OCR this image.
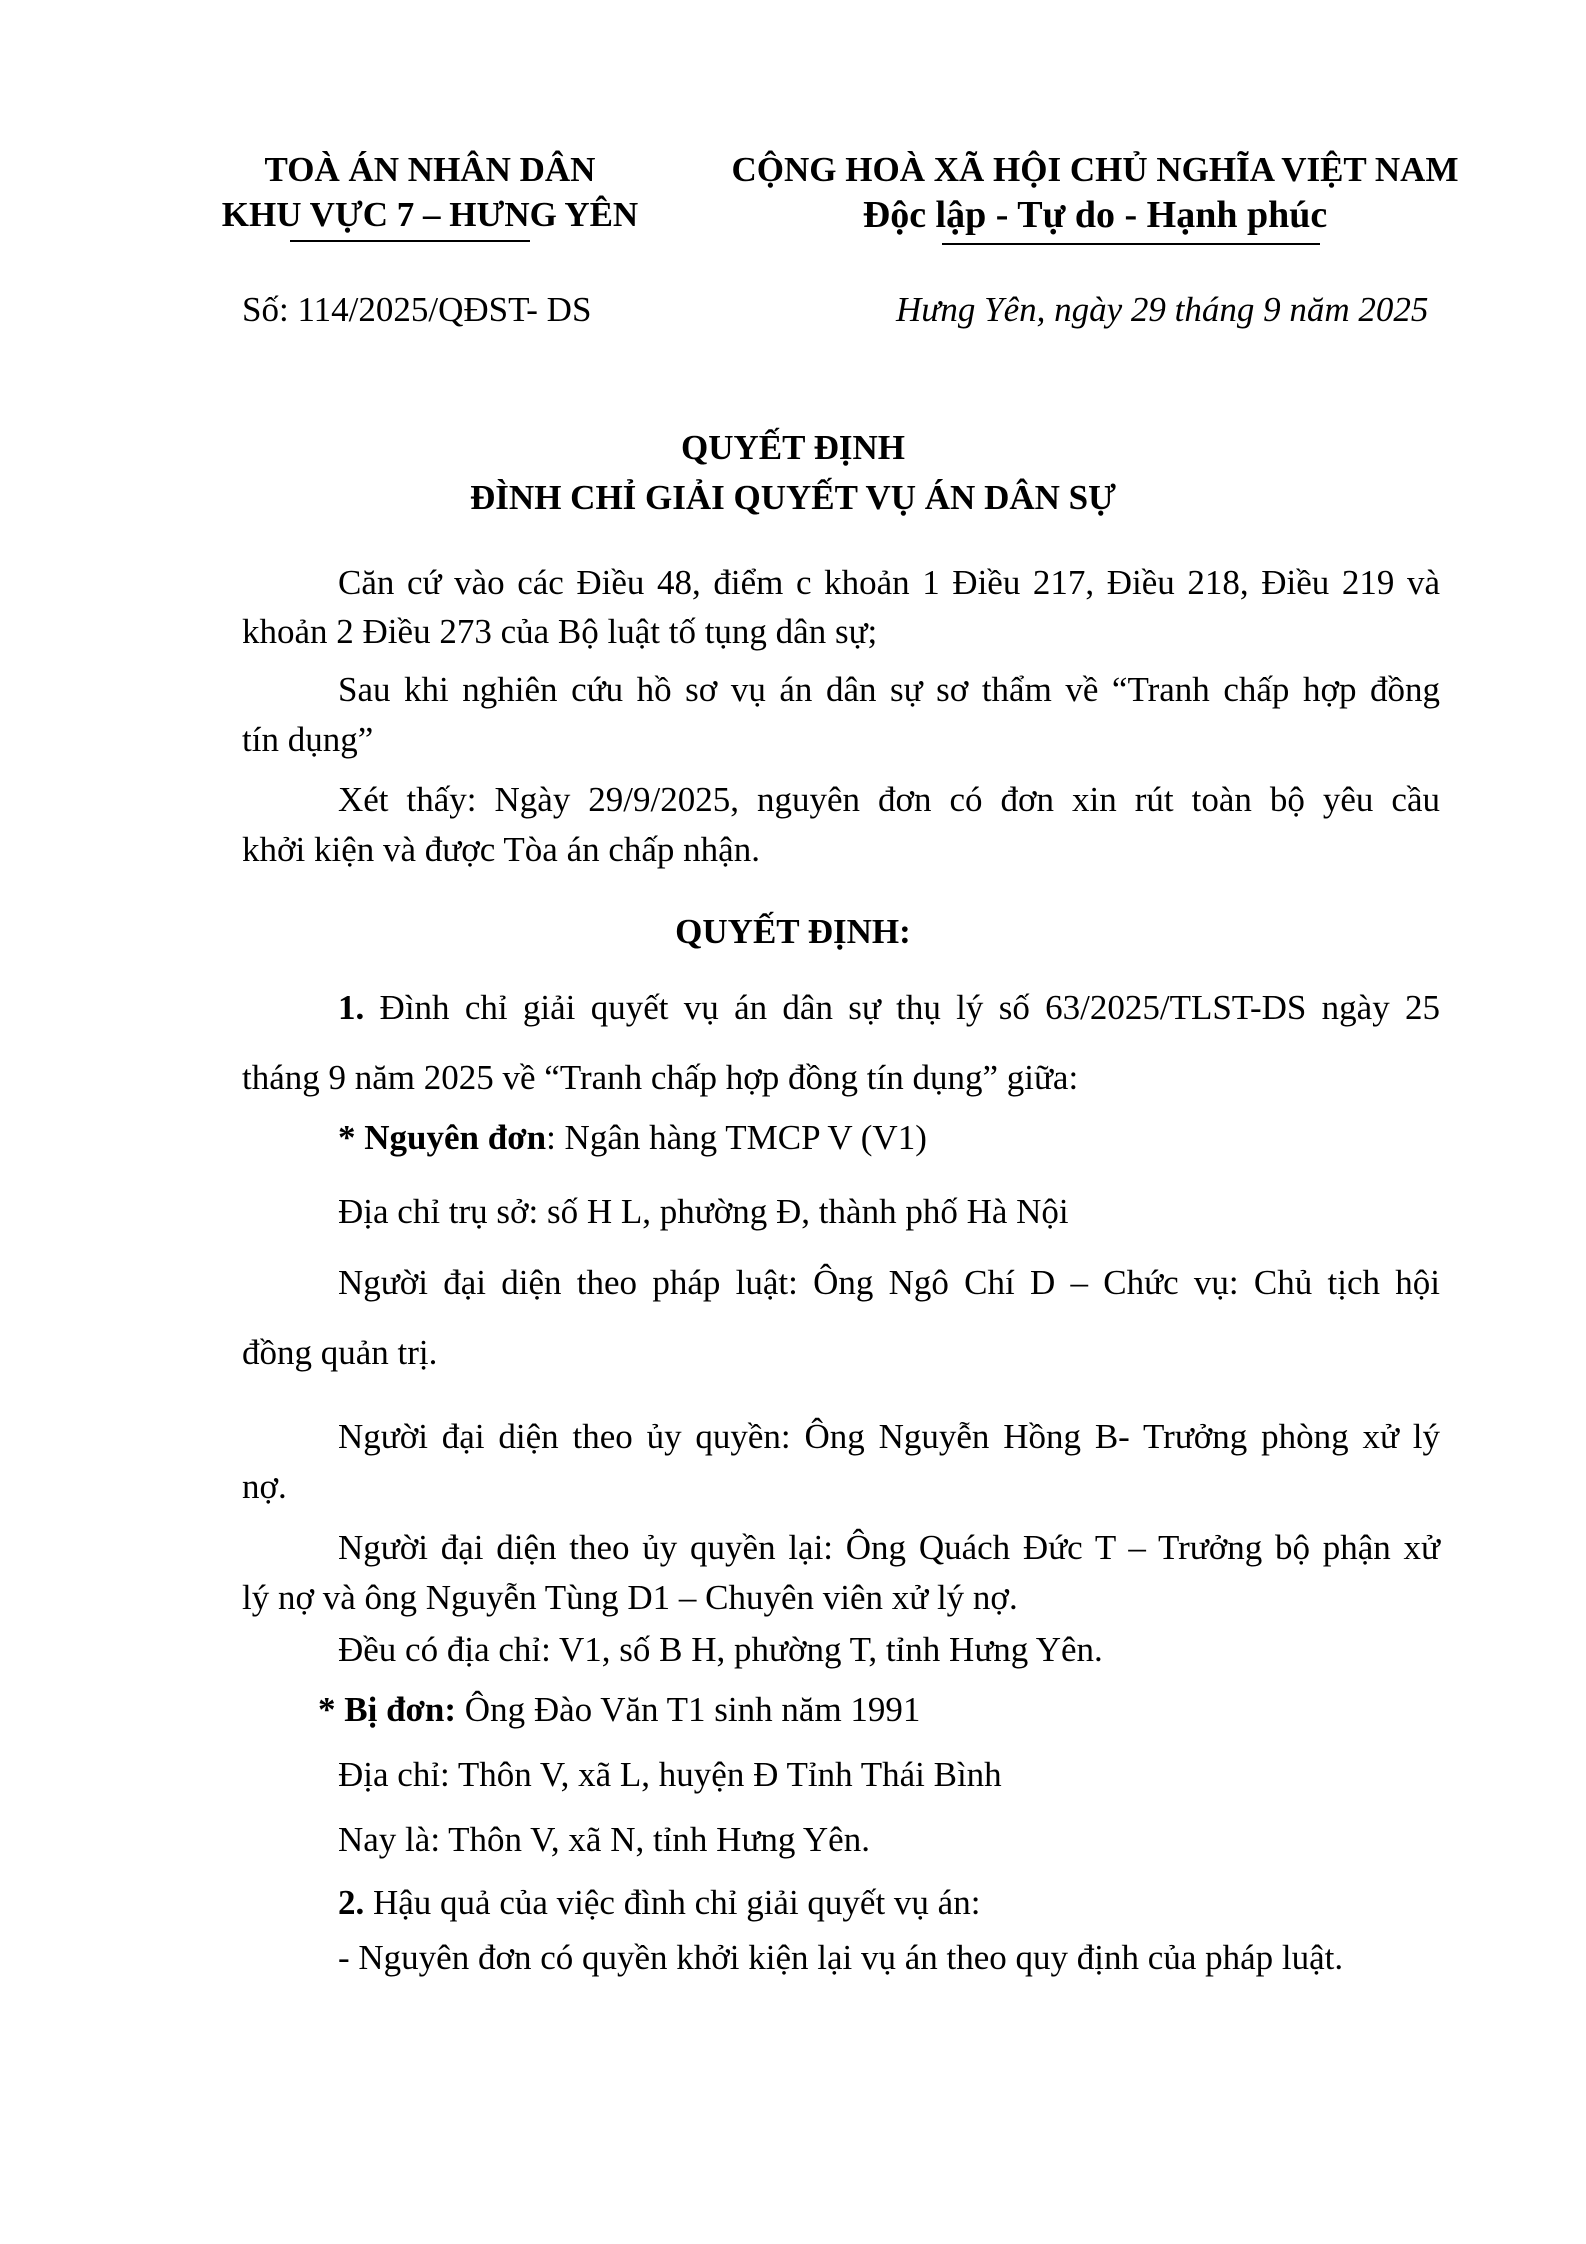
TOÀ ÁN NHÂN DÂN
KHU VỰC 7 – HƯNG YÊN
CỘNG HOÀ XÃ HỘI CHỦ NGHĨA VIỆT NAM
Độc lập - Tự do - Hạnh phúc
Số: 114/2025/QĐST- DS	Hưng Yên, ngày 29 tháng 9 năm 2025
QUYẾT ĐỊNH
ĐÌNH CHỈ GIẢI QUYẾT VỤ ÁN DÂN SỰ
Căn cứ vào các Điều 48, điểm c khoản 1 Điều 217, Điều 218, Điều 219 và
khoản 2 Điều 273 của Bộ luật tố tụng dân sự;
Sau khi nghiên cứu hồ sơ vụ án dân sự sơ thẩm về “Tranh chấp hợp đồng
tín dụng”
Xét thấy: Ngày 29/9/2025, nguyên đơn có đơn xin rút toàn bộ yêu cầu
khởi kiện và được Tòa án chấp nhận.
QUYẾT ĐỊNH:
1. Đình chỉ giải quyết vụ án dân sự thụ lý số 63/2025/TLST-DS ngày 25
tháng 9 năm 2025 về “Tranh chấp hợp đồng tín dụng” giữa:
* Nguyên đơn: Ngân hàng TMCP V (V1)
Địa chỉ trụ sở: số H L, phường Đ, thành phố Hà Nội
Người đại diện theo pháp luật: Ông Ngô Chí D – Chức vụ: Chủ tịch hội
đồng quản trị.
Người đại diện theo ủy quyền: Ông Nguyễn Hồng B- Trưởng phòng xử lý
nợ.
Người đại diện theo ủy quyền lại: Ông Quách Đức T – Trưởng bộ phận xử
lý nợ và ông Nguyễn Tùng D1 – Chuyên viên xử lý nợ.
Đều có địa chỉ: V1, số B H, phường T, tỉnh Hưng Yên.
* Bị đơn: Ông Đào Văn T1 sinh năm 1991
Địa chỉ: Thôn V, xã L, huyện Đ Tỉnh Thái Bình
Nay là: Thôn V, xã N, tỉnh Hưng Yên.
2. Hậu quả của việc đình chỉ giải quyết vụ án:
- Nguyên đơn có quyền khởi kiện lại vụ án theo quy định của pháp luật.
